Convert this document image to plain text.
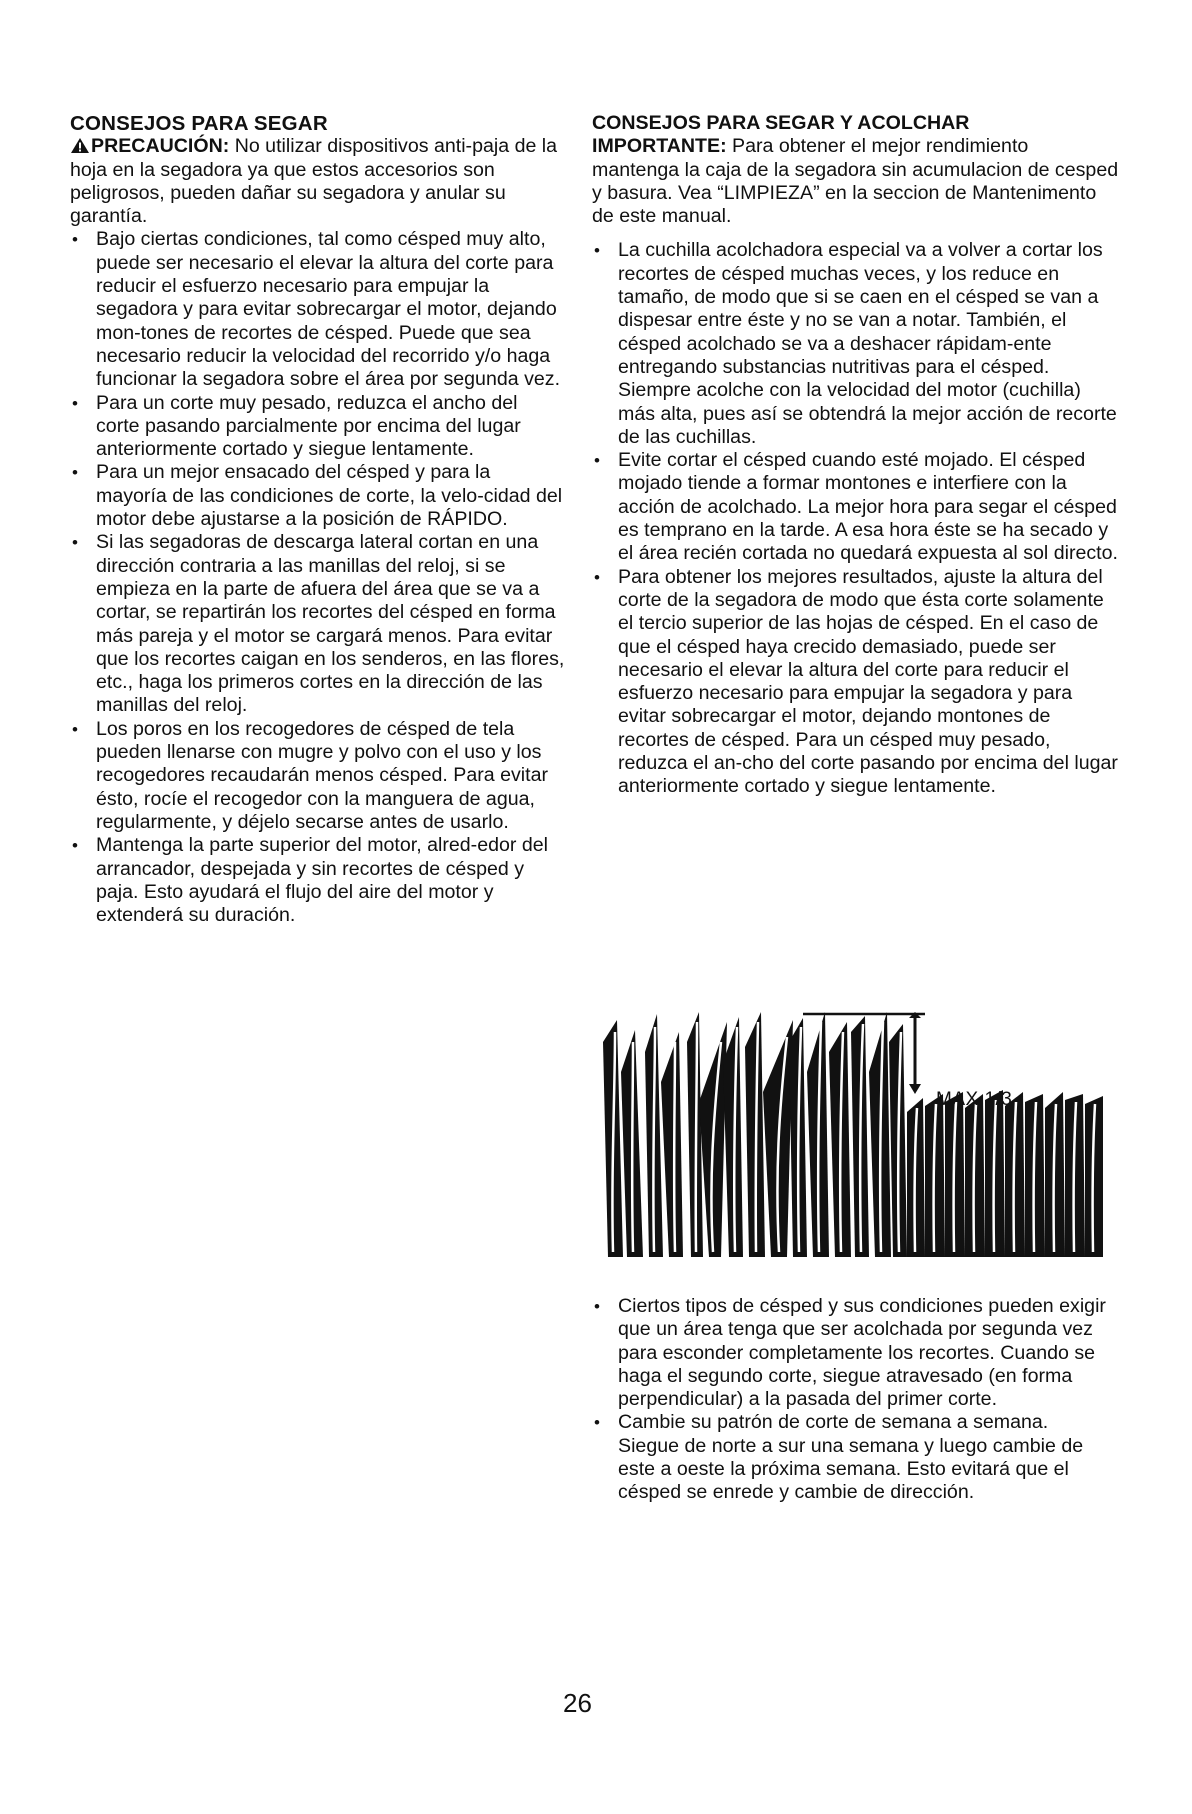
CONSEJOS PARA SEGAR

PRECAUCIÓN: No utilizar dispositivos anti-paja de la hoja en la segadora ya que estos accesorios son peligrosos, pueden dañar su segadora y anular su garantía.

• Bajo ciertas condiciones, tal como césped muy alto, puede ser necesario el elevar la altura del corte para reducir el esfuerzo necesario para empujar la segadora y para evitar sobrecargar el motor, dejando mon-tones de recortes de césped. Puede que sea necesario reducir la velocidad del recorrido y/o haga funcionar la segadora sobre el área por segunda vez.
• Para un corte muy pesado, reduzca el ancho del corte pasando parcialmente por encima del lugar anteriormente cortado y siegue lentamente.
• Para un mejor ensacado del césped y para la mayoría de las condiciones de corte, la velo-cidad del motor debe ajustarse a la posición de RÁPIDO.
• Si las segadoras de descarga lateral cortan en una dirección contraria a las manillas del reloj, si se empieza en la parte de afuera del área que se va a cortar, se repartirán los recortes del césped en forma más pareja y el motor se cargará menos. Para evitar que los recortes caigan en los senderos, en las flores, etc., haga los primeros cortes en la dirección de las manillas del reloj.
• Los poros en los recogedores de césped de tela pueden llenarse con mugre y polvo con el uso y los recogedores recaudarán menos césped. Para evitar ésto, rocíe el recogedor con la manguera de agua, regularmente, y déjelo secarse antes de usarlo.
• Mantenga la parte superior del motor, alred-edor del arrancador, despejada y sin recortes de césped y paja. Esto ayudará el flujo del aire del motor y extenderá su duración.
CONSEJOS PARA SEGAR Y ACOLCHAR

IMPORTANTE: Para obtener el mejor rendimiento mantenga la caja de la segadora sin acumulacion de cesped y basura. Vea “LIMPIEZA” en la seccion de Mantenimento de este manual.

• La cuchilla acolchadora especial va a volver a cortar los recortes de césped muchas veces, y los reduce en tamaño, de modo que si se caen en el césped se van a dispesar entre éste y no se van a notar. También, el césped acolchado se va a deshacer rápidam-ente entregando substancias nutritivas para el césped. Siempre acolche con la velocidad del motor (cuchilla) más alta, pues así se obtendrá la mejor acción de recorte de las cuchillas.
• Evite cortar el césped cuando esté mojado. El césped mojado tiende a formar montones e interfiere con la acción de acolchado. La mejor hora para segar el césped es temprano en la tarde. A esa hora éste se ha secado y el área recién cortada no quedará expuesta al sol directo.
• Para obtener los mejores resultados, ajuste la altura del corte de la segadora de modo que ésta corte solamente el tercio superior de las hojas de césped. En el caso de que el césped haya crecido demasiado, puede ser necesario el elevar la altura del corte para reducir el esfuerzo necesario para empujar la segadora y para evitar sobrecargar el motor, dejando montones de recortes de césped. Para un césped muy pesado, reduzca el an-cho del corte pasando por encima del lugar anteriormente cortado y siegue lentamente.
MAX 1/3
• Ciertos tipos de césped y sus condiciones pueden exigir que un área tenga que ser acolchada por segunda vez para esconder completamente los recortes. Cuando se haga el segundo corte, siegue atravesado (en forma perpendicular) a la pasada del primer corte.
• Cambie su patrón de corte de semana a semana. Siegue de norte a sur una semana y luego cambie de este a oeste la próxima semana. Esto evitará que el césped se enrede y cambie de dirección.
26
